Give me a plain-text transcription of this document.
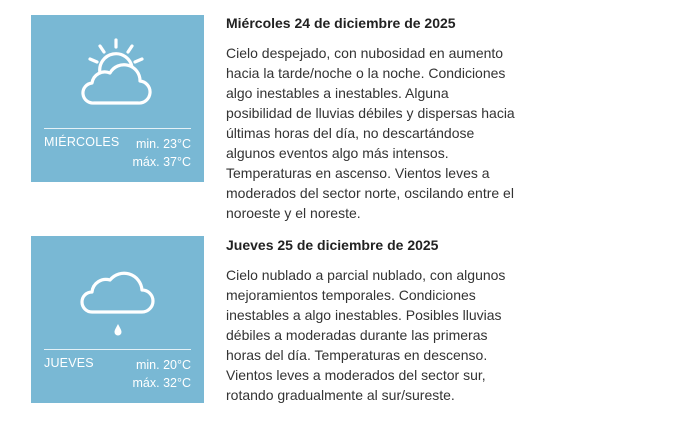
MIÉRCOLES min. 23°C
máx. 37°C

Miércoles 24 de diciembre de 2025

Cielo despejado, con nubosidad en aumento hacia la tarde/noche o la noche. Condiciones algo inestables a inestables. Alguna posibilidad de lluvias débiles y dispersas hacia últimas horas del día, no descartándose algunos eventos algo más intensos. Temperaturas en ascenso. Vientos leves a moderados del sector norte, oscilando entre el noroeste y el noreste.

JUEVES	min. 20°C
máx. 32°C

Jueves 25 de diciembre de 2025

Cielo nublado a parcial nublado, con algunos mejoramientos temporales. Condiciones inestables a algo inestables. Posibles lluvias débiles a moderadas durante las primeras horas del día. Temperaturas en descenso. Vientos leves a moderados del sector sur, rotando gradualmente al sur/sureste.
